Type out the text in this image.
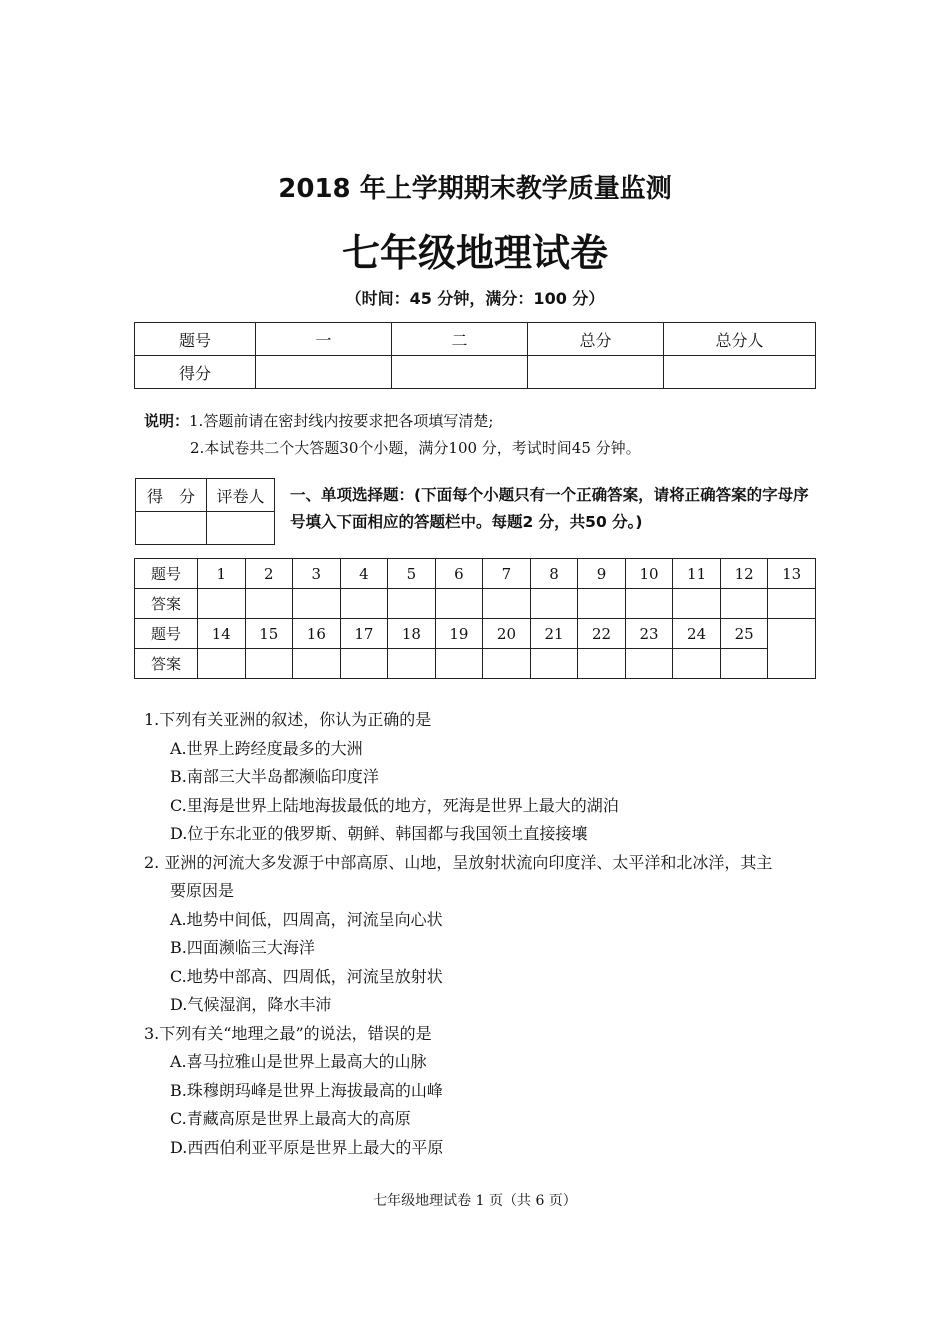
2018 年上学期期末教学质量监测
七年级地理试卷
（时间：45 分钟，满分：100 分）
题号	一	二	总分	总分人
得分				
说明：1.答题前请在密封线内按要求把各项填写清楚;
2.本试卷共二个大答题30个小题，满分100 分，考试时间45 分钟。
得　分	评卷人
	一、单项选择题：(下面每个小题只有一个正确答案，请将正确答案的字母序号填入下面相应的答题栏中。每题2 分，共50 分。)
题号	1	2	3	4	5	6	7	8	9	10	11	12	13
答案													
题号	14	15	16	17	18	19	20	21	22	23	24	25	
答案													
1.下列有关亚洲的叙述，你认为正确的是
A.世界上跨经度最多的大洲
B.南部三大半岛都濒临印度洋
C.里海是世界上陆地海拔最低的地方，死海是世界上最大的湖泊
D.位于东北亚的俄罗斯、朝鲜、韩国都与我国领土直接接壤
2. 亚洲的河流大多发源于中部高原、山地，呈放射状流向印度洋、太平洋和北冰洋，其主
要原因是
A.地势中间低，四周高，河流呈向心状
B.四面濒临三大海洋
C.地势中部高、四周低，河流呈放射状
D.气候湿润，降水丰沛
3.下列有关“地理之最”的说法，错误的是
A.喜马拉雅山是世界上最高大的山脉
B.珠穆朗玛峰是世界上海拔最高的山峰
C.青藏高原是世界上最高大的高原
D.西西伯利亚平原是世界上最大的平原
七年级地理试卷 1 页（共 6 页）
